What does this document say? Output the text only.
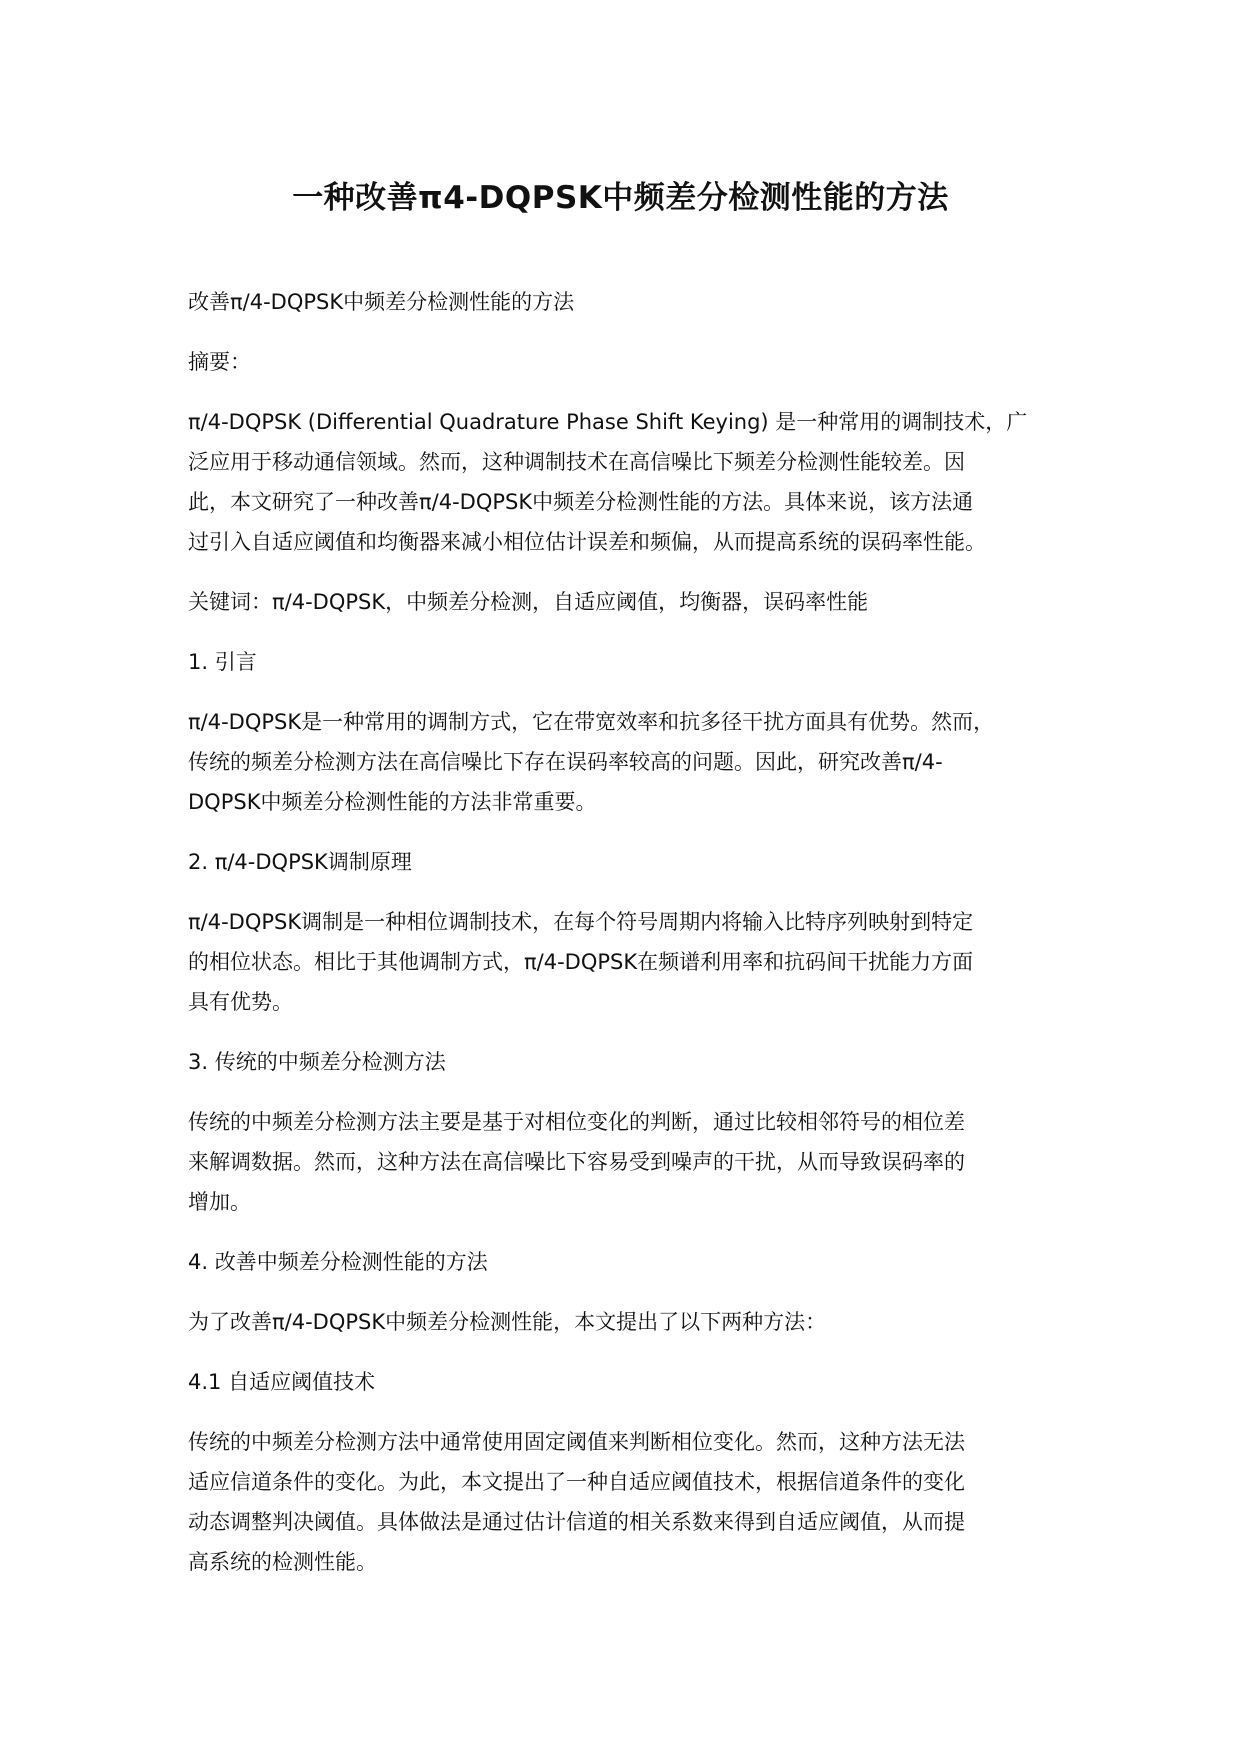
一种改善π4-DQPSK中频差分检测性能的方法
改善π/4-DQPSK中频差分检测性能的方法
摘要：
π/4-DQPSK (Differential Quadrature Phase Shift Keying) 是一种常用的调制技术，广
泛应用于移动通信领域。然而，这种调制技术在高信噪比下频差分检测性能较差。因
此，本文研究了一种改善π/4-DQPSK中频差分检测性能的方法。具体来说，该方法通
过引入自适应阈值和均衡器来减小相位估计误差和频偏，从而提高系统的误码率性能。
关键词：π/4-DQPSK，中频差分检测，自适应阈值，均衡器，误码率性能
1. 引言
π/4-DQPSK是一种常用的调制方式，它在带宽效率和抗多径干扰方面具有优势。然而，
传统的频差分检测方法在高信噪比下存在误码率较高的问题。因此，研究改善π/4-
DQPSK中频差分检测性能的方法非常重要。
2. π/4-DQPSK调制原理
π/4-DQPSK调制是一种相位调制技术，在每个符号周期内将输入比特序列映射到特定
的相位状态。相比于其他调制方式，π/4-DQPSK在频谱利用率和抗码间干扰能力方面
具有优势。
3. 传统的中频差分检测方法
传统的中频差分检测方法主要是基于对相位变化的判断，通过比较相邻符号的相位差
来解调数据。然而，这种方法在高信噪比下容易受到噪声的干扰，从而导致误码率的
增加。
4. 改善中频差分检测性能的方法
为了改善π/4-DQPSK中频差分检测性能，本文提出了以下两种方法：
4.1 自适应阈值技术
传统的中频差分检测方法中通常使用固定阈值来判断相位变化。然而，这种方法无法
适应信道条件的变化。为此，本文提出了一种自适应阈值技术，根据信道条件的变化
动态调整判决阈值。具体做法是通过估计信道的相关系数来得到自适应阈值，从而提
高系统的检测性能。
